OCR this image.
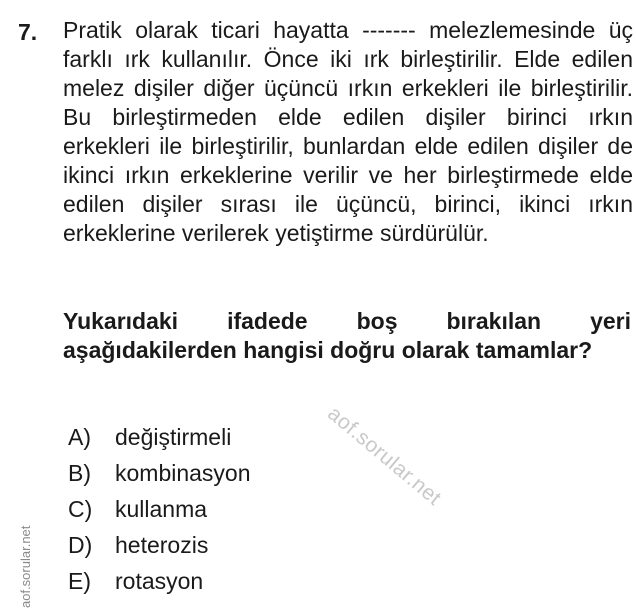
7. Pratik olarak ticari hayatta ------- melezlemesinde üç farklı ırk kullanılır. Önce iki ırk birleştirilir. Elde edilen melez dişiler diğer üçüncü ırkın erkekleri ile birleştirilir. Bu birleştirmeden elde edilen dişiler birinci ırkın erkekleri ile birleştirilir, bunlardan elde edilen dişiler de ikinci ırkın erkeklerine verilir ve her birleştirmede elde edilen dişiler sırası ile üçüncü, birinci, ikinci ırkın erkeklerine verilerek yetiştirme sürdürülür.

Yukarıdaki ifadede boş bırakılan yeri aşağıdakilerden hangisi doğru olarak tamamlar?

A)	değiştirmeli
B)	kombinasyon
C) kullanma
D) heterozis
E)	rotasyon
aof.sorular.net
aof.sorular.net
